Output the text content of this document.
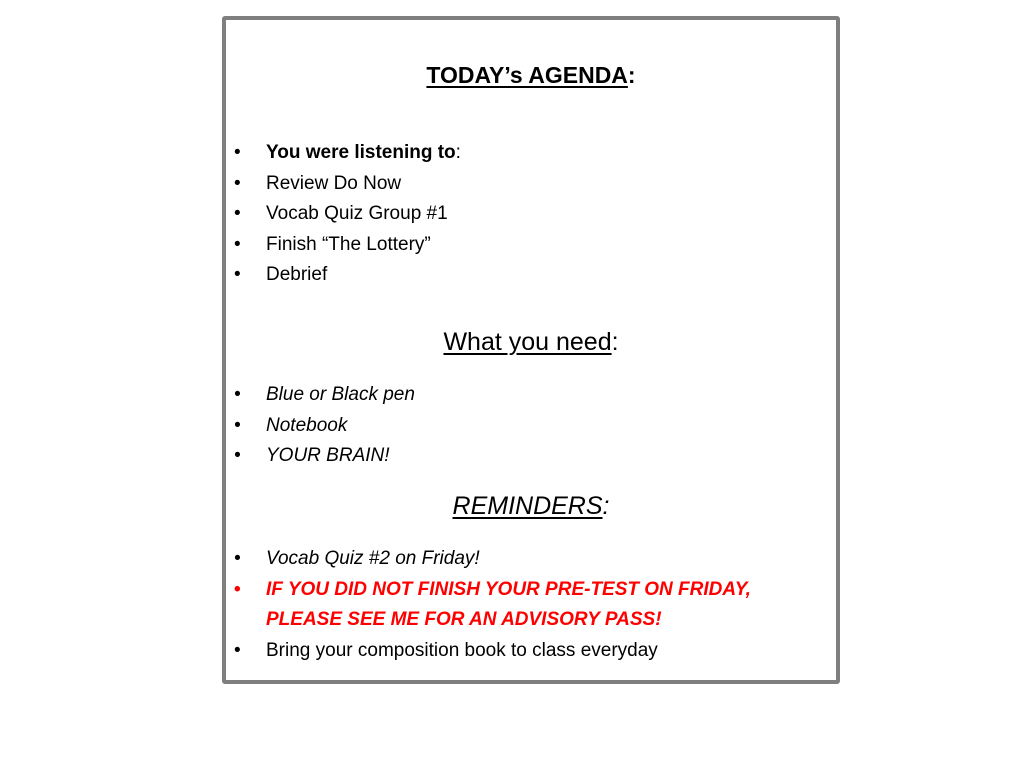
TODAY’s AGENDA:
• You were listening to:
• Review Do Now
• Vocab Quiz Group #1
• Finish “The Lottery”
• Debrief
What you need:
• Blue or Black pen
• Notebook
• YOUR BRAIN!
REMINDERS:
• Vocab Quiz #2 on Friday!
• IF YOU DID NOT FINISH YOUR PRE-TEST ON FRIDAY,
PLEASE SEE ME FOR AN ADVISORY PASS!
• Bring your composition book to class everyday
